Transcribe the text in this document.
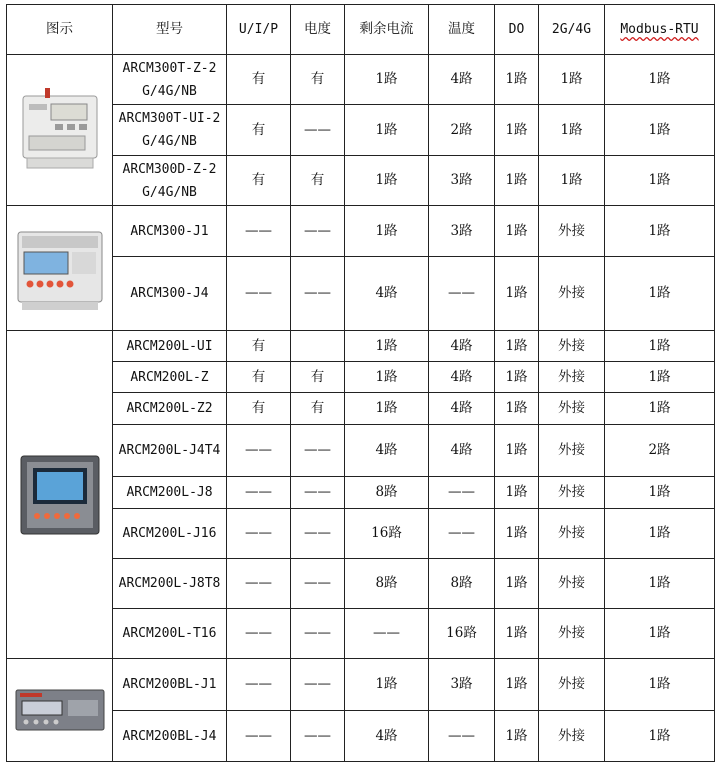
图示	型号	U/I/P	电度	剩余电流	温度	DO	2G/4G	Modbus-RTU

	ARCM300T-Z-2G/4G/NB	有	有	1路	4路	1路	1路	1路
	ARCM300T-UI-2G/4G/NB	有	——	1路	2路	1路	1路	1路
	ARCM300D-Z-2G/4G/NB	有	有	1路	3路	1路	1路	1路

	ARCM300-J1	——	——	1路	3路	1路	外接	1路
	ARCM300-J4	——	——	4路	——	1路	外接	1路

	ARCM200L-UI	有		1路	4路	1路	外接	1路
	ARCM200L-Z	有	有	1路	4路	1路	外接	1路
	ARCM200L-Z2	有	有	1路	4路	1路	外接	1路
	ARCM200L-J4T4	——	——	4路	4路	1路	外接	2路
	ARCM200L-J8	——	——	8路	——	1路	外接	1路
	ARCM200L-J16	——	——	16路	——	1路	外接	1路
	ARCM200L-J8T8	——	——	8路	8路	1路	外接	1路
	ARCM200L-T16	——	——	——	16路	1路	外接	1路

	ARCM200BL-J1	——	——	1路	3路	1路	外接	1路
	ARCM200BL-J4	——	——	4路	——	1路	外接	1路
